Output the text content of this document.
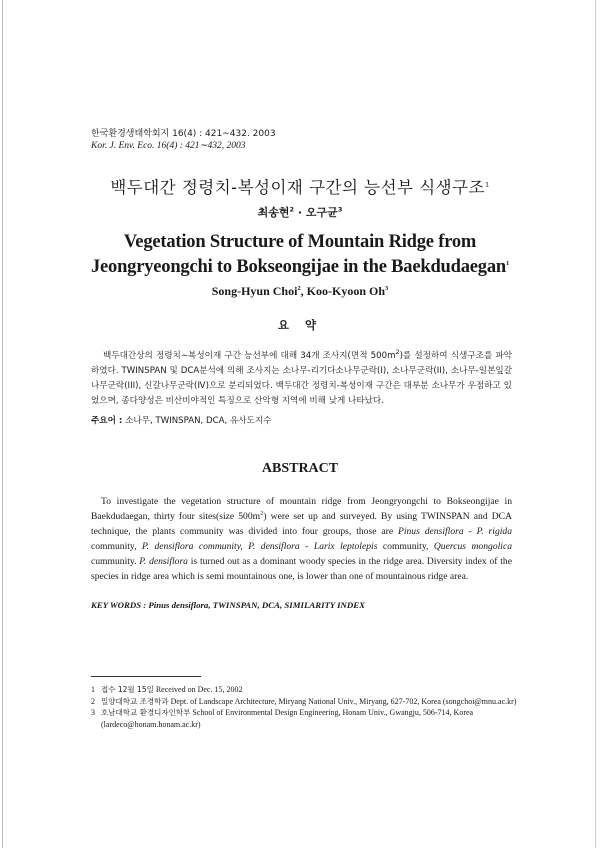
한국환경생태학회지 16(4) : 421∼432. 2003
Kor. J. Env. Eco. 16(4) : 421∼432, 2003
백두대간 정령치-복성이재 구간의 능선부 식생구조$^1$
최송현$^2$ · 오구균$^3$
Vegetation Structure of Mountain Ridge from
Jeongryeongchi to Bokseongijae in the Baekdudaegan$^1$
Song-Hyun Choi$^2$, Koo-Kyoon Oh$^3$
요 약

백두대간상의 정령치∼복성이재 구간 능선부에 대해 34개 조사지(면적 $500m^2$)를 설정하여 식생구조를 파악하였다. TWINSPAN 및 DCA분석에 의해 조사지는 소나무-리기다소나무군락(I), 소나무군락(II), 소나무-일본잎갈나무군락(III), 신갈나무군락(Ⅳ)으로 분리되었다. 백두대간 정령치-복성이재 구간은 대부분 소나무가 우점하고 있었으며, 종다양성은 비산비야적인 특징으로 산악형 지역에 비해 낮게 나타났다.

주요어 : 소나무, TWINSPAN, DCA, 유사도지수
ABSTRACT

To investigate the vegetation structure of mountain ridge from Jeongryongchi to Bokseongijae in Baekdudaegan, thirty four sites(size $500m^2$) were set up and surveyed. By using TWINSPAN and DCA technique, the plants community was divided into four groups, those are Pinus densiflora - P. rigida community, P. densiflora community, P. densiflora - Larix leptolepis community, Quercus mongolica cummunity. P. densiflora is turned out as a dominant woody species in the ridge area. Diversity index of the species in ridge area which is semi mountainous one, is lower than one of mountainous ridge area.

KEY WORDS : Pinus densiflora, TWINSPAN, DCA, SIMILARITY INDEX
1 접수 12월 15일 Received on Dec. 15, 2002
2 밀양대학교 조경학과 Dept. of Landscape Architecture, Miryang National Univ., Miryang, 627-702, Korea (songchoi@mnu.ac.kr)
3 호남대학교 환경디자인학부 School of Environmental Design Engineering, Honam Univ., Gwangju, 506-714, Korea (lardeco@honam.honam.ac.kr)
